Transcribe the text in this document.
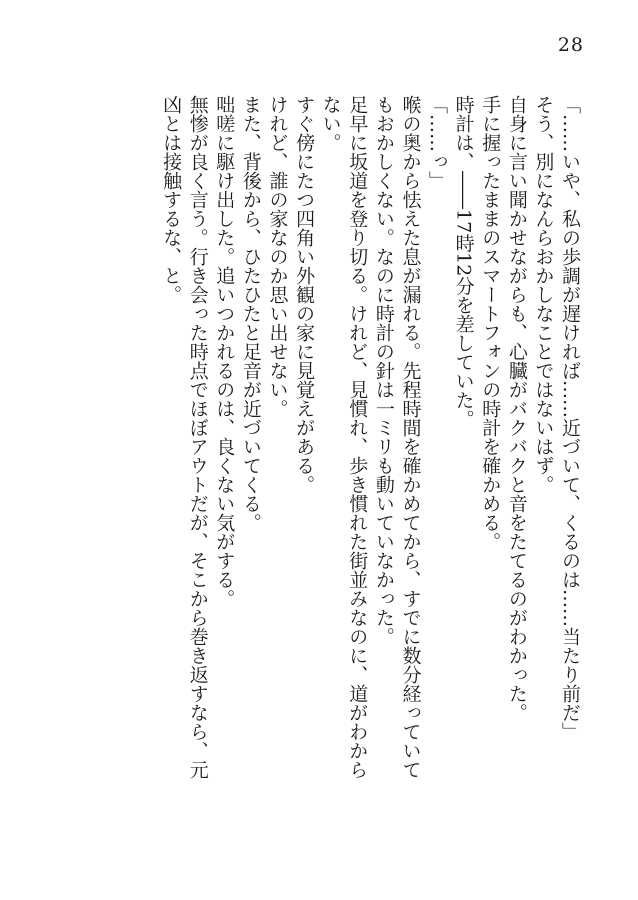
28
「……いや、私の歩調が遅ければ……近づいて、くるのは……当たり前だ」
そう、別になんらおかしなことではないはず。
自身に言い聞かせながらも、心臓がバクバクと音をたてるのがわかった。
手に握ったままのスマートフォンの時計を確かめる。
時計は、――17時12分を差していた。
「……っ」
喉の奥から怯えた息が漏れる。先程時間を確かめてから、すでに数分経っていて
もおかしくない。なのに時計の針は一ミリも動いていなかった。
足早に坂道を登り切る。けれど、見慣れ、歩き慣れた街並みなのに、道がわから
ない。
すぐ傍にたつ四角い外観の家に見覚えがある。
けれど、誰の家なのか思い出せない。
また、背後から、ひたひたと足音が近づいてくる。
咄嗟に駆け出した。追いつかれるのは、良くない気がする。
無惨が良く言う。行き会った時点でほぼアウトだが、そこから巻き返すなら、元
凶とは接触するな、と。
